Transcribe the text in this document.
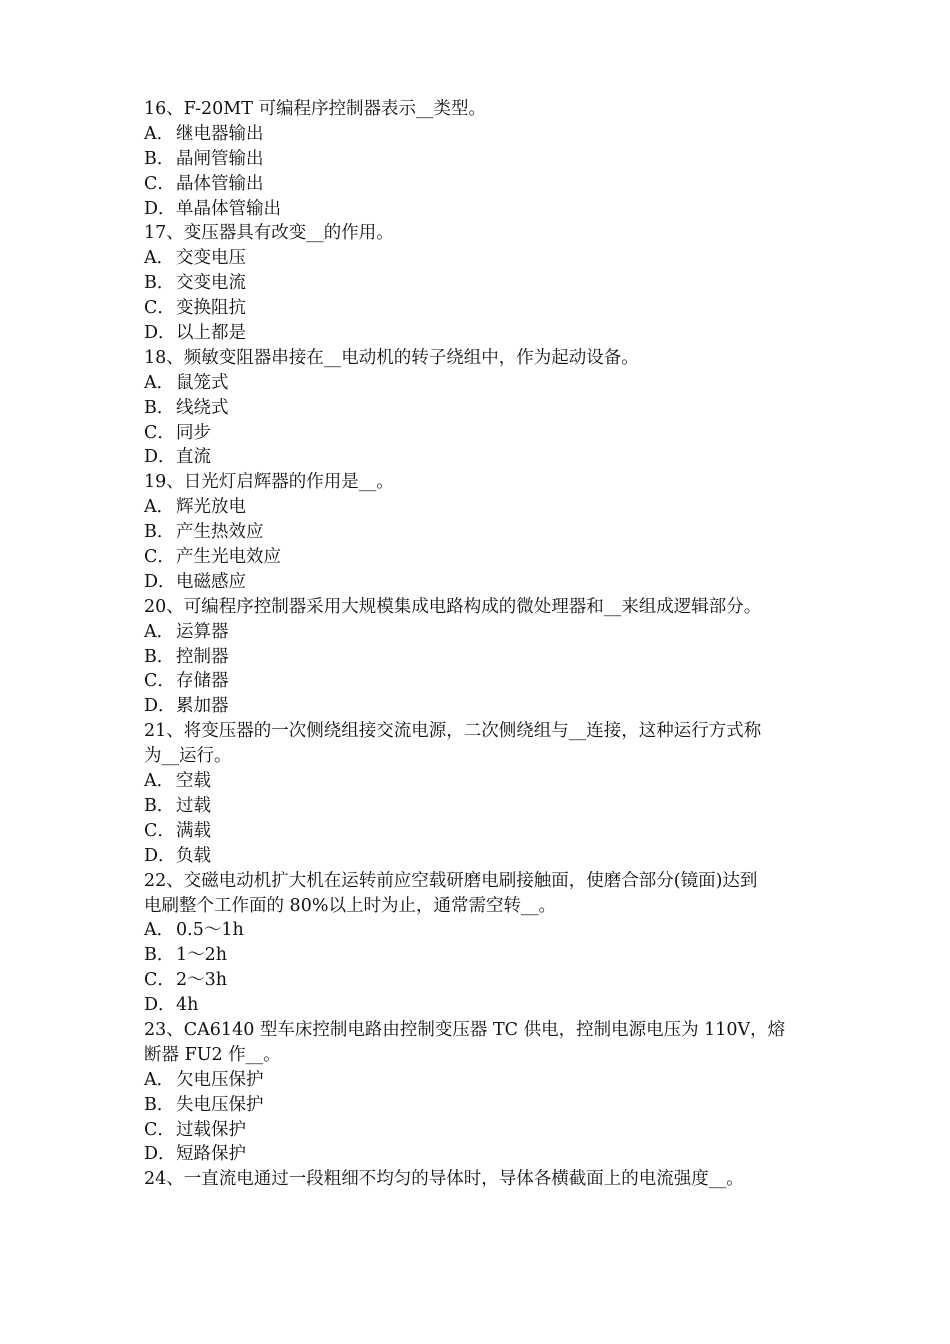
16、F-20MT 可编程序控制器表示__类型。
A． 继电器输出
B．晶闸管输出
C．晶体管输出
D．单晶体管输出
17、变压器具有改变__的作用。
A． 交变电压
B．交变电流
C．变换阻抗
D．以上都是
18、频敏变阻器串接在__电动机的转子绕组中，作为起动设备。
A． 鼠笼式
B．线绕式
C．同步
D．直流
19、日光灯启辉器的作用是__。
A． 辉光放电
B．产生热效应
C．产生光电效应
D．电磁感应
20、可编程序控制器采用大规模集成电路构成的微处理器和__来组成逻辑部分。
A． 运算器
B．控制器
C．存储器
D．累加器
21、将变压器的一次侧绕组接交流电源，二次侧绕组与__连接，这种运行方式称
为__运行。
A． 空载
B．过载
C．满载
D．负载
22、交磁电动机扩大机在运转前应空载研磨电刷接触面，使磨合部分(镜面)达到
电刷整个工作面的 80%以上时为止，通常需空转__。
A． 0.5～1h
B．1～2h
C．2～3h
D．4h
23、CA6140 型车床控制电路由控制变压器 TC 供电，控制电源电压为 110V，熔
断器 FU2 作__。
A． 欠电压保护
B．失电压保护
C．过载保护
D．短路保护
24、一直流电通过一段粗细不均匀的导体时，导体各横截面上的电流强度__。
